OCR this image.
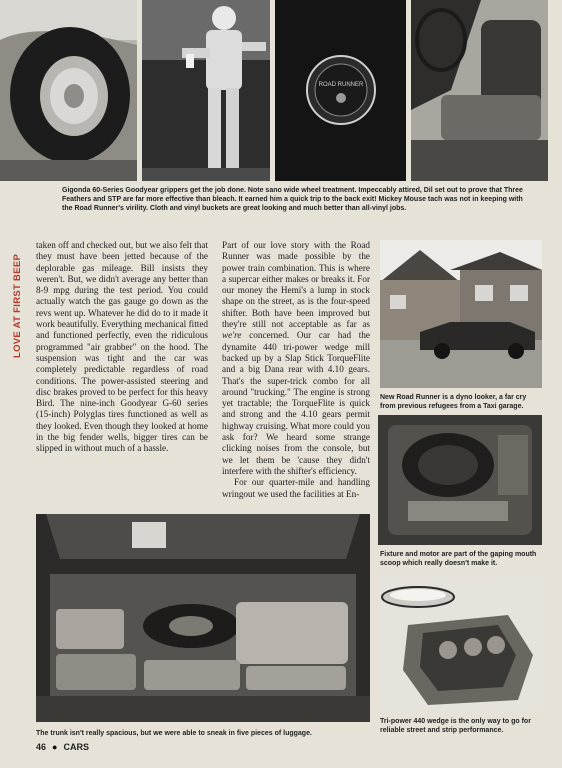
ROAD RUNNER
Gigonda 60-Series Goodyear grippers get the job done. Note sano wide wheel treatment. Impeccably attired, Dil set out to prove that Three Feathers and STP are far more effective than bleach. It earned him a quick trip to the back exit! Mickey Mouse tach was not in keeping with the Road Runner's virility. Cloth and vinyl buckets are great looking and much better than all-vinyl jobs.
LOVE AT FIRST BEEP

taken off and checked out, but we also felt that they must have been jetted because of the deplorable gas mileage. Bill insists they weren't. But, we didn't average any better than 8-9 mpg during the test period. You could actually watch the gas gauge go down as the revs went up. Whatever he did do to it made it work beautifully. Everything mechanical fitted and functioned perfectly, even the ridiculous programmed "air grabber" on the hood. The suspension was tight and the car was completely predictable regardless of road conditions. The power-assisted steering and disc brakes proved to be perfect for this heavy Bird. The nine-inch Goodyear G-60 series (15-inch) Polyglas tires functioned as well as they looked. Even though they looked at home in the big fender wells, bigger tires can be slipped in without much of a hassle.

Part of our love story with the Road Runner was made possible by the power train combination. This is where a supercar either makes or breaks it. For our money the Hemi's a lump in stock shape on the street, as is the four-speed shifter. Both have been improved but they're still not acceptable as far as we're concerned. Our car had the dynamite 440 tri-power wedge mill backed up by a Slap Stick TorqueFlite and a big Dana rear with 4.10 gears. That's the super-trick combo for all around "trucking." The engine is strong yet tractable; the TorqueFlite is quick and strong and the 4.10 gears permit highway cruising. What more could you ask for? We heard some strange clicking noises from the console, but we let them be 'cause they didn't interfere with the shifter's efficiency.

For our quarter-mile and handling wringout we used the facilities at En-

New Road Runner is a dyno looker, a far cry from previous refugees from a Taxi garage.
Fixture and motor are part of the gaping mouth scoop which really doesn't make it.
Tri-power 440 wedge is the only way to go for reliable street and strip performance.
The trunk isn't really spacious, but we were able to sneak in five pieces of luggage.
46 ● CARS
